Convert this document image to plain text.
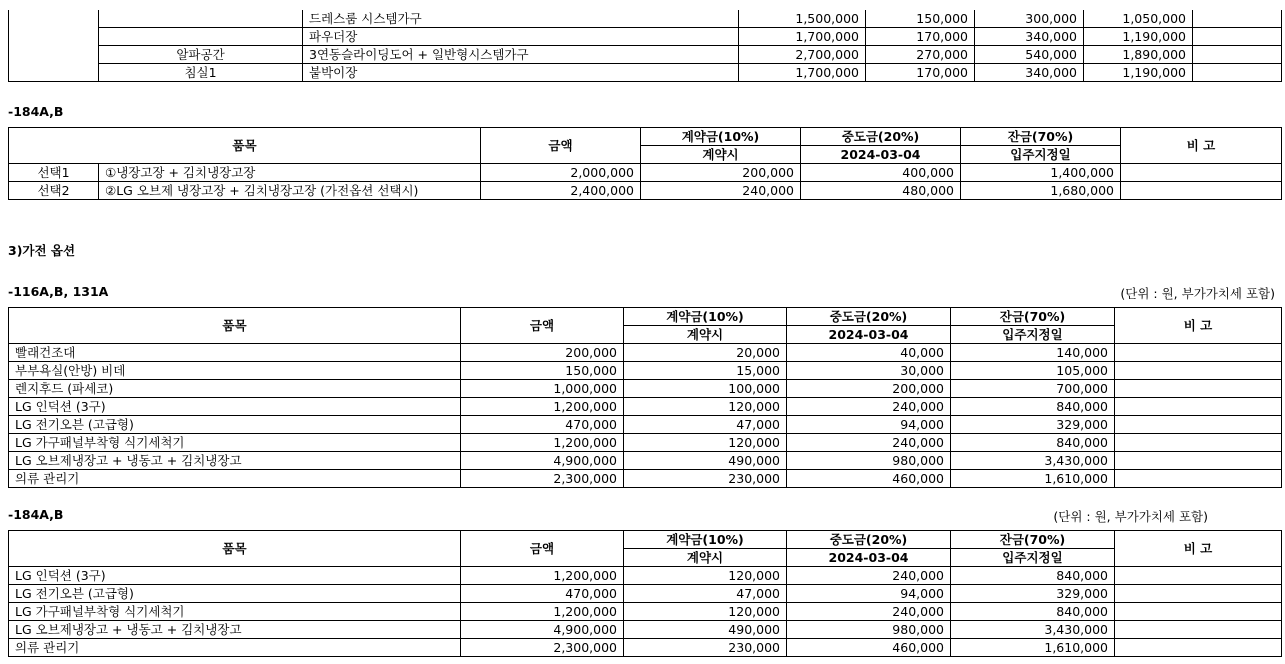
		드레스룸 시스템가구	1,500,000	150,000	300,000	1,050,000	
		파우더장	1,700,000	170,000	340,000	1,190,000	
	알파공간	3연동슬라이딩도어 + 일반형시스템가구	2,700,000	270,000	540,000	1,890,000	
	침실1	붙박이장	1,700,000	170,000	340,000	1,190,000	
-184A,B
품목		금액	계약금(10%)	중도금(20%)	잔금(70%)	비 고
			계약시	2024-03-04	입주지정일	
선택1	①냉장고장 + 김치냉장고장	2,000,000	200,000	400,000	1,400,000	
선택2	②LG 오브제 냉장고장 + 김치냉장고장 (가전옵션 선택시)	2,400,000	240,000	480,000	1,680,000	
3)가전 옵션
-116A,B, 131A	(단위 : 원, 부가가치세 포함)
품목	금액	계약금(10%)	중도금(20%)	잔금(70%)	비 고
		계약시	2024-03-04	입주지정일	
빨래건조대	200,000	20,000	40,000	140,000	
부부욕실(안방) 비데	150,000	15,000	30,000	105,000	
렌지후드 (파세코)	1,000,000	100,000	200,000	700,000	
LG 인덕션 (3구)	1,200,000	120,000	240,000	840,000	
LG 전기오븐 (고급형)	470,000	47,000	94,000	329,000	
LG 가구패널부착형 식기세척기	1,200,000	120,000	240,000	840,000	
LG 오브제냉장고 + 냉동고 + 김치냉장고	4,900,000	490,000	980,000	3,430,000	
의류 관리기	2,300,000	230,000	460,000	1,610,000	
-184A,B	(단위 : 원, 부가가치세 포함)
품목	금액	계약금(10%)	중도금(20%)	잔금(70%)	비 고
		계약시	2024-03-04	입주지정일	
LG 인덕션 (3구)	1,200,000	120,000	240,000	840,000	
LG 전기오븐 (고급형)	470,000	47,000	94,000	329,000	
LG 가구패널부착형 식기세척기	1,200,000	120,000	240,000	840,000	
LG 오브제냉장고 + 냉동고 + 김치냉장고	4,900,000	490,000	980,000	3,430,000	
의류 관리기	2,300,000	230,000	460,000	1,610,000	
